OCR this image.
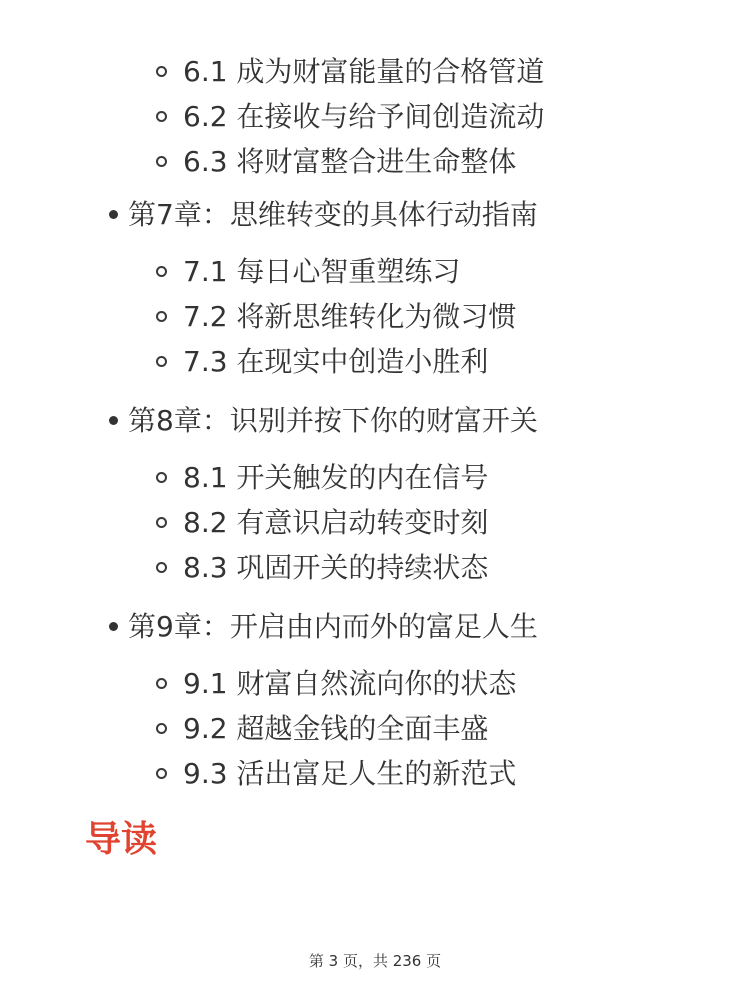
6.1 成为财富能量的合格管道
6.2 在接收与给予间创造流动
6.3 将财富整合进生命整体
第7章：思维转变的具体行动指南
7.1 每日心智重塑练习
7.2 将新思维转化为微习惯
7.3 在现实中创造小胜利
第8章：识别并按下你的财富开关
8.1 开关触发的内在信号
8.2 有意识启动转变时刻
8.3 巩固开关的持续状态
第9章：开启由内而外的富足人生
9.1 财富自然流向你的状态
9.2 超越金钱的全面丰盛
9.3 活出富足人生的新范式
导读
第 3 页，共 236 页
